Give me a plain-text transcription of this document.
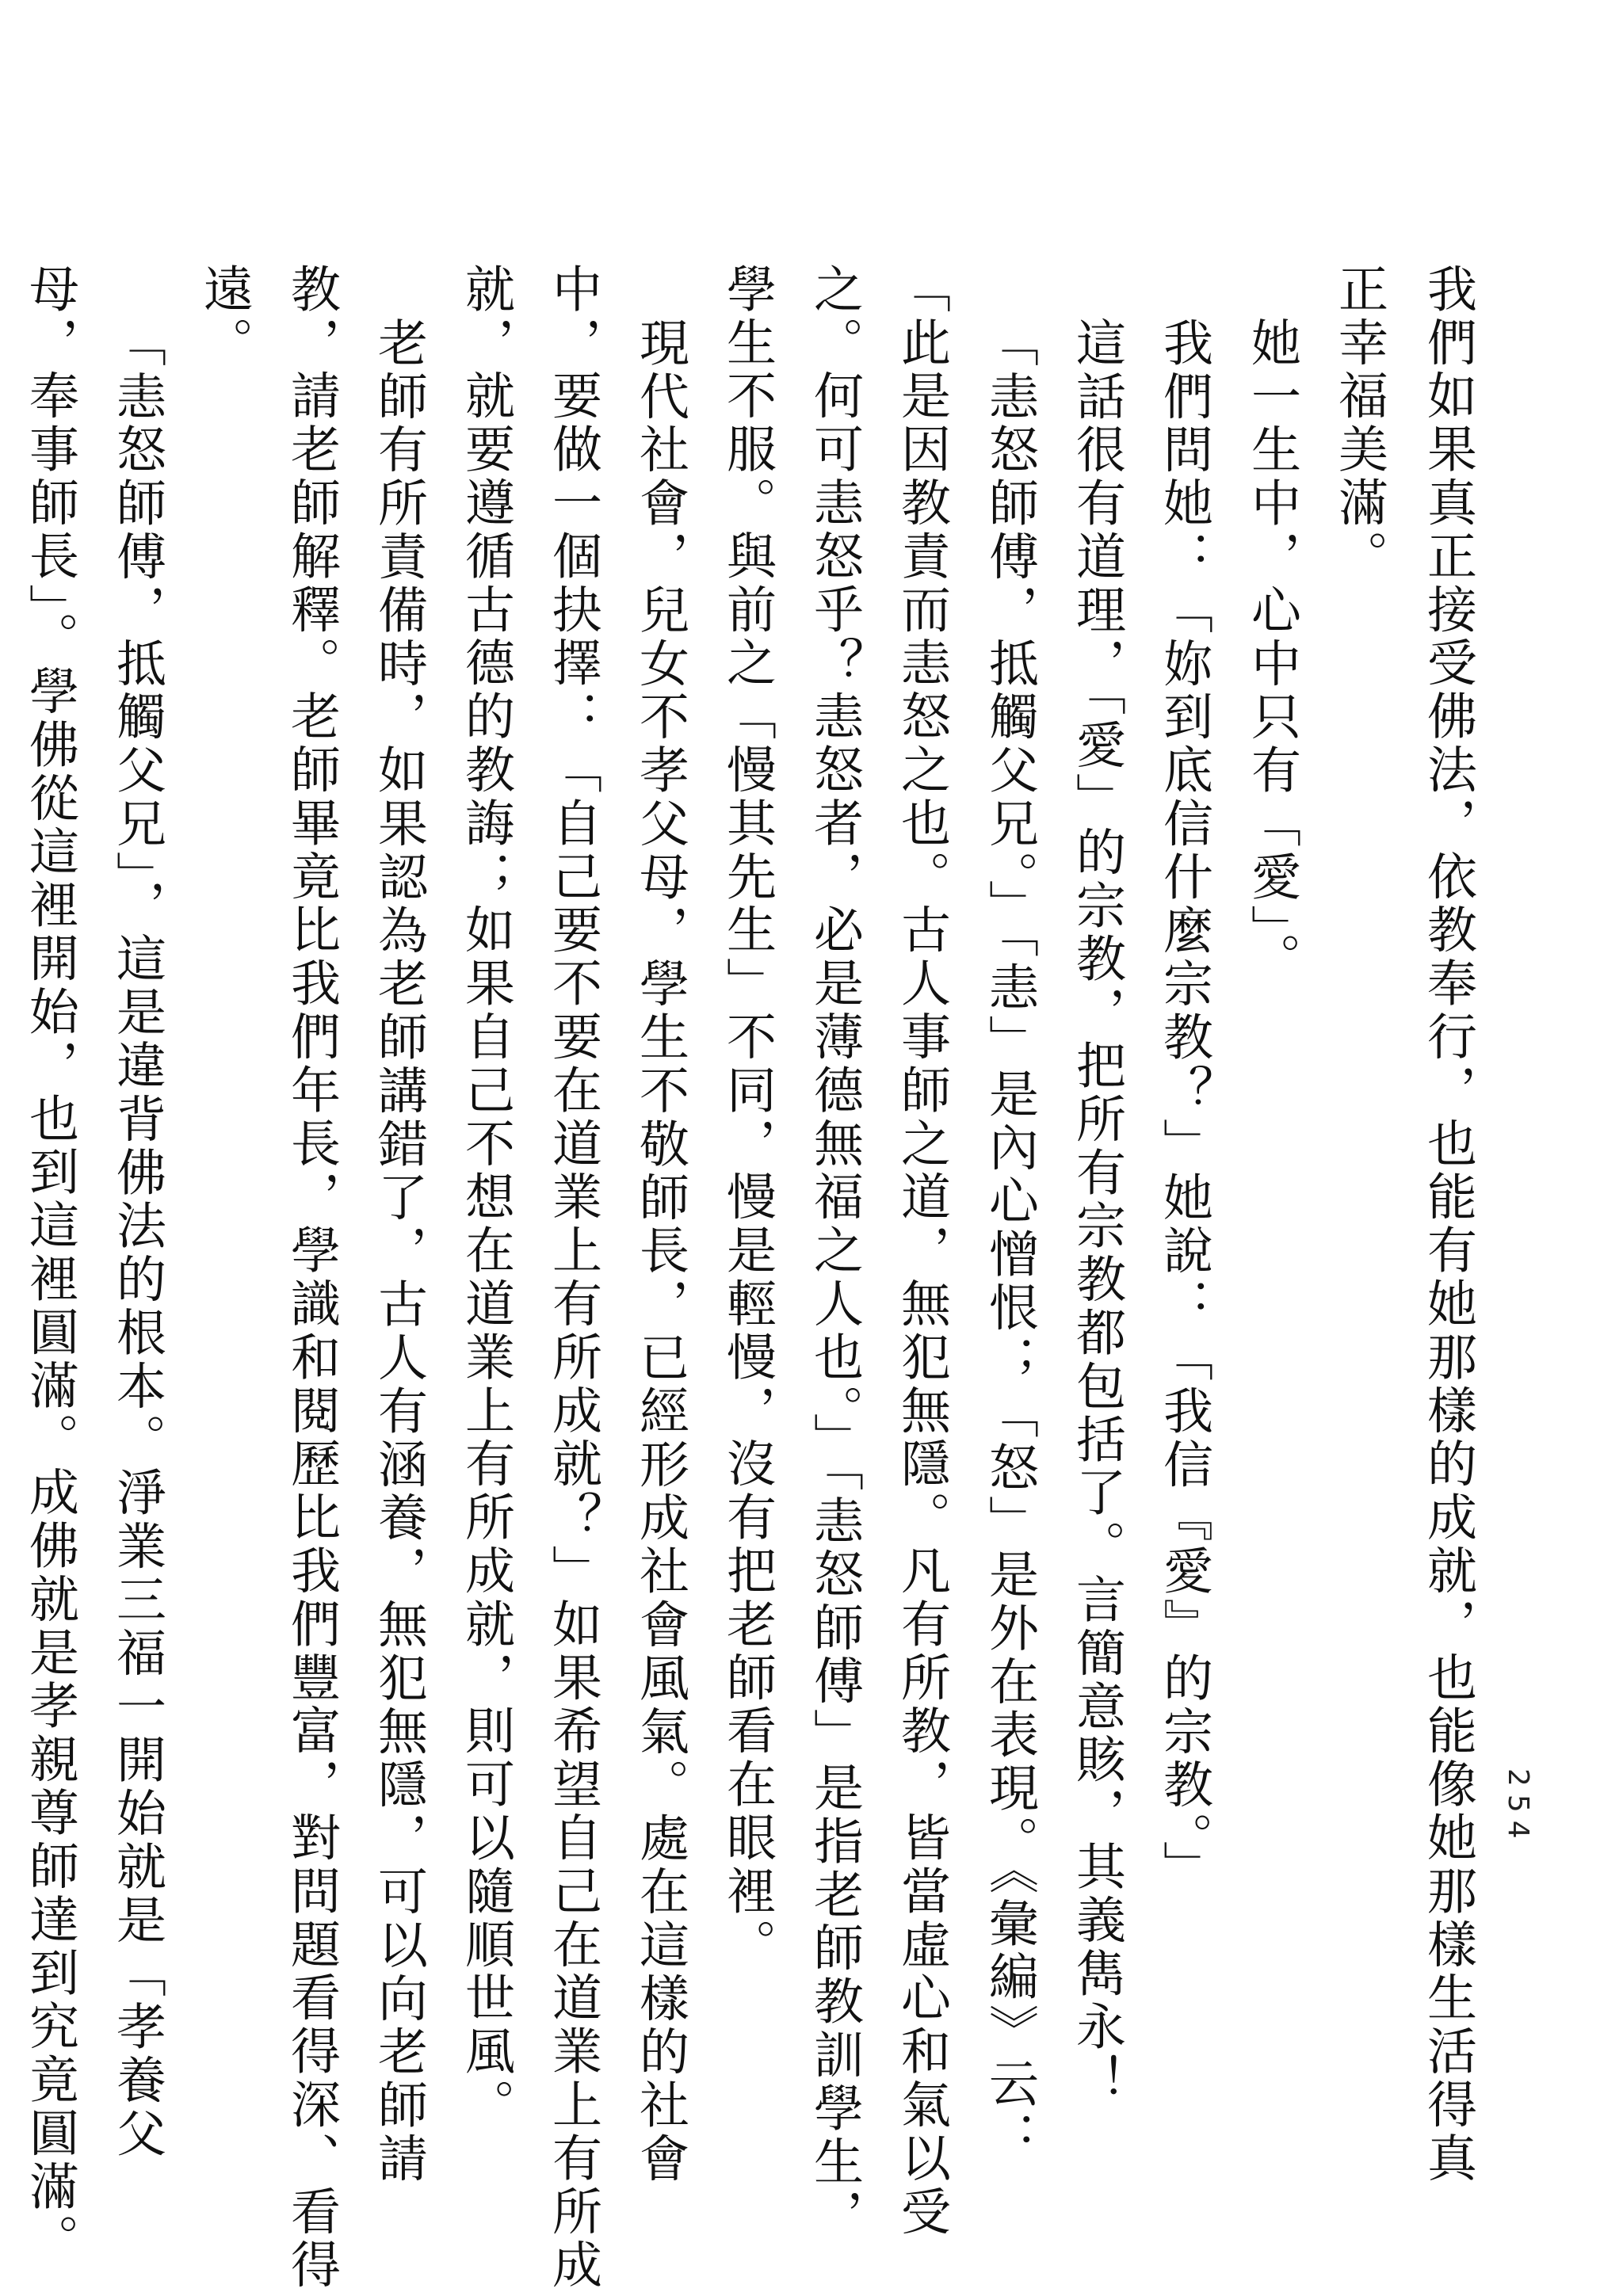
254
我們如果真正接受佛法，依教奉行，也能有她那樣的成就，也能像她那樣生活得真
正幸福美滿。
她一生中，心中只有「愛」。
我們問她：「妳到底信什麼宗教？」她說：「我信『愛』的宗教。」
這話很有道理，「愛」的宗教，把所有宗教都包括了。言簡意賅，其義雋永！
「恚怒師傅，抵觸父兄。」「恚」是內心憎恨；「怒」是外在表現。《彙編》云：
「此是因教責而恚怒之也。古人事師之道，無犯無隱。凡有所教，皆當虛心和氣以受
之。何可恚怒乎？恚怒者，必是薄德無福之人也。」「恚怒師傅」是指老師教訓學生，
學生不服。與前之「慢其先生」不同，慢是輕慢，沒有把老師看在眼裡。
現代社會，兒女不孝父母，學生不敬師長，已經形成社會風氣。處在這樣的社會
中，要做一個抉擇：「自己要不要在道業上有所成就？」如果希望自己在道業上有所成
就，就要遵循古德的教誨；如果自己不想在道業上有所成就，則可以隨順世風。
老師有所責備時，如果認為老師講錯了，古人有涵養，無犯無隱，可以向老師請
教，請老師解釋。老師畢竟比我們年長，學識和閱歷比我們豐富，對問題看得深、看得
遠。
「恚怒師傅，抵觸父兄」，這是違背佛法的根本。淨業三福一開始就是「孝養父
母，奉事師長」。學佛從這裡開始，也到這裡圓滿。成佛就是孝親尊師達到究竟圓滿。
